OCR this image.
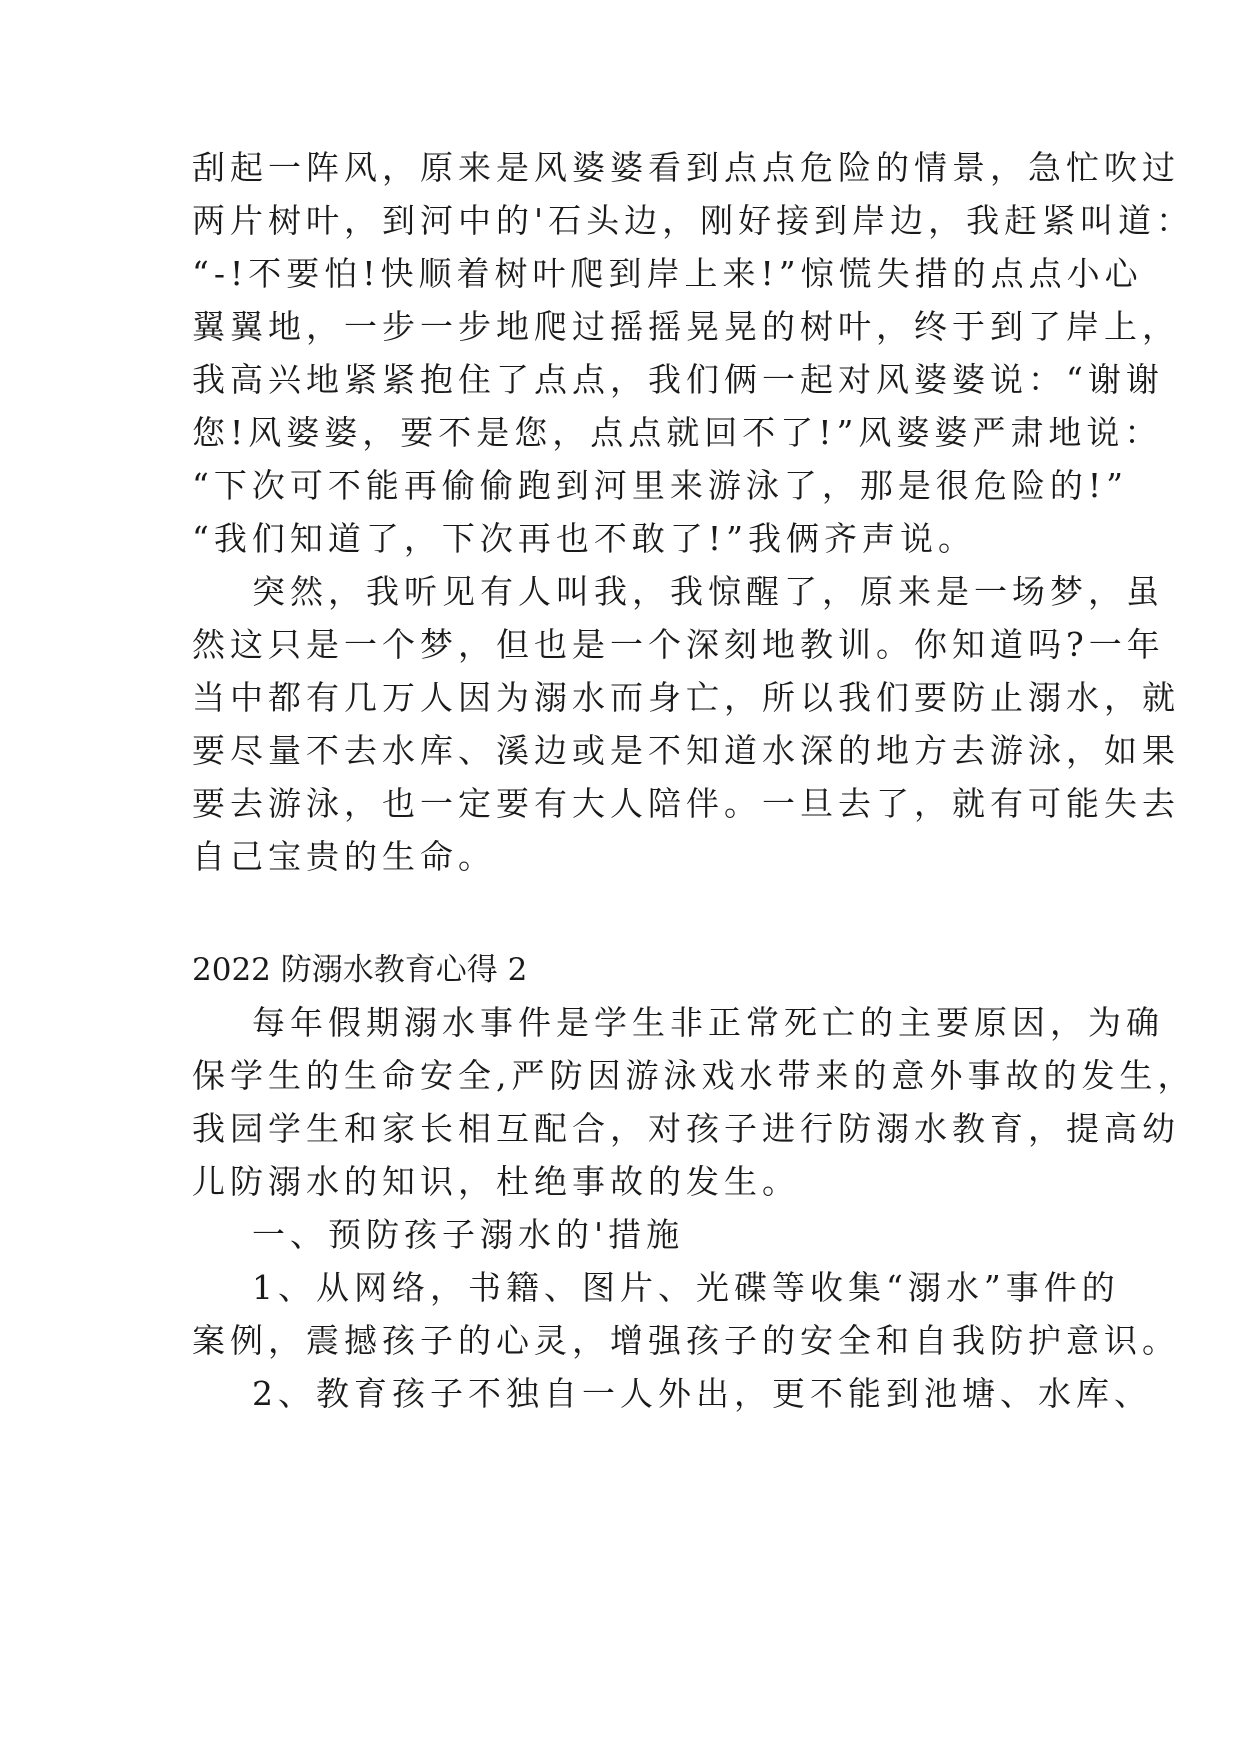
刮起一阵风，原来是风婆婆看到点点危险的情景，急忙吹过
两片树叶，到河中的'石头边，刚好接到岸边，我赶紧叫道：
“-!不要怕!快顺着树叶爬到岸上来!”惊慌失措的点点小心
翼翼地，一步一步地爬过摇摇晃晃的树叶，终于到了岸上，
我高兴地紧紧抱住了点点，我们俩一起对风婆婆说：“谢谢
您!风婆婆，要不是您，点点就回不了!”风婆婆严肃地说：
“下次可不能再偷偷跑到河里来游泳了，那是很危险的!”
“我们知道了，下次再也不敢了!”我俩齐声说。
突然，我听见有人叫我，我惊醒了，原来是一场梦，虽
然这只是一个梦，但也是一个深刻地教训。你知道吗?一年
当中都有几万人因为溺水而身亡，所以我们要防止溺水，就
要尽量不去水库、溪边或是不知道水深的地方去游泳，如果
要去游泳，也一定要有大人陪伴。一旦去了，就有可能失去
自己宝贵的生命。
2022 防溺水教育心得 2
每年假期溺水事件是学生非正常死亡的主要原因，为确
保学生的生命安全,严防因游泳戏水带来的意外事故的发生，
我园学生和家长相互配合，对孩子进行防溺水教育，提高幼
儿防溺水的知识，杜绝事故的发生。
一、预防孩子溺水的'措施
1、从网络，书籍、图片、光碟等收集“溺水”事件的
案例，震撼孩子的心灵，增强孩子的安全和自我防护意识。
2、教育孩子不独自一人外出，更不能到池塘、水库、
